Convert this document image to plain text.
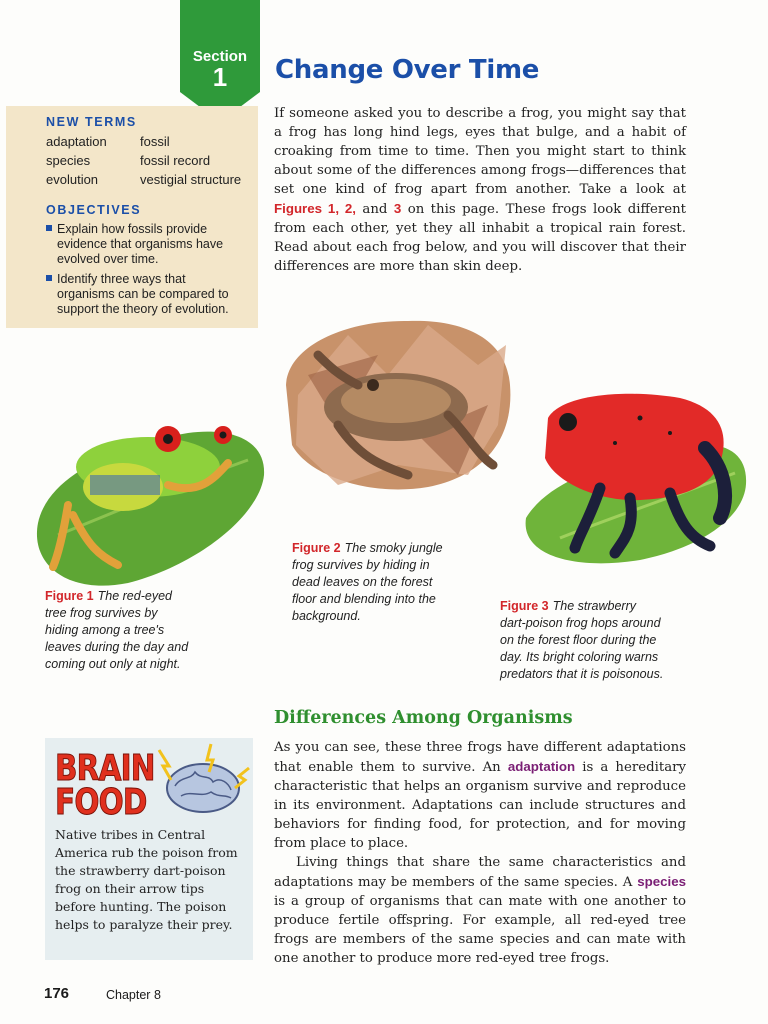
Section
1	Change Over Time
NEW TERMS
adaptation	fossil
species	fossil record
evolution	vestigial structure
OBJECTIVES
Explain how fossils provide
evidence that organisms have
evolved over time.
Identify three ways that
organisms can be compared to
support the theory of evolution.
If someone asked you to describe a frog, you might say that a frog has long hind legs, eyes that bulge, and a habit of croaking from time to time. Then you might start to think about some of the differences among frogs—differences that set one kind of frog apart from another. Take a look at Figures 1, 2, and 3 on this page. These frogs look different from each other, yet they all inhabit a tropical rain forest. Read about each frog below, and you will discover that their differences are more than skin deep.
Figure 1 The red-eyed
tree frog survives by
hiding among a tree's
leaves during the day and
coming out only at night.
Figure 2 The smoky jungle
frog survives by hiding in
dead leaves on the forest
floor and blending into the
background.
Figure 3 The strawberry
dart-poison frog hops around
on the forest floor during the
day. Its bright coloring warns
predators that it is poisonous.
Differences Among Organisms
As you can see, these three frogs have different adaptations that enable them to survive. An adaptation is a hereditary characteristic that helps an organism survive and reproduce in its environment. Adaptations can include structures and behaviors for finding food, for protection, and for moving from place to place.
Living things that share the same characteristics and adaptations may be members of the same species. A species is a group of organisms that can mate with one another to produce fertile offspring. For example, all red-eyed tree frogs are members of the same species and can mate with one another to produce more red-eyed tree frogs.
BRAIN
FOOD
Native tribes in Central America rub the poison from the strawberry dart-poison frog on their arrow tips before hunting. The poison helps to paralyze their prey.
176	Chapter 8
